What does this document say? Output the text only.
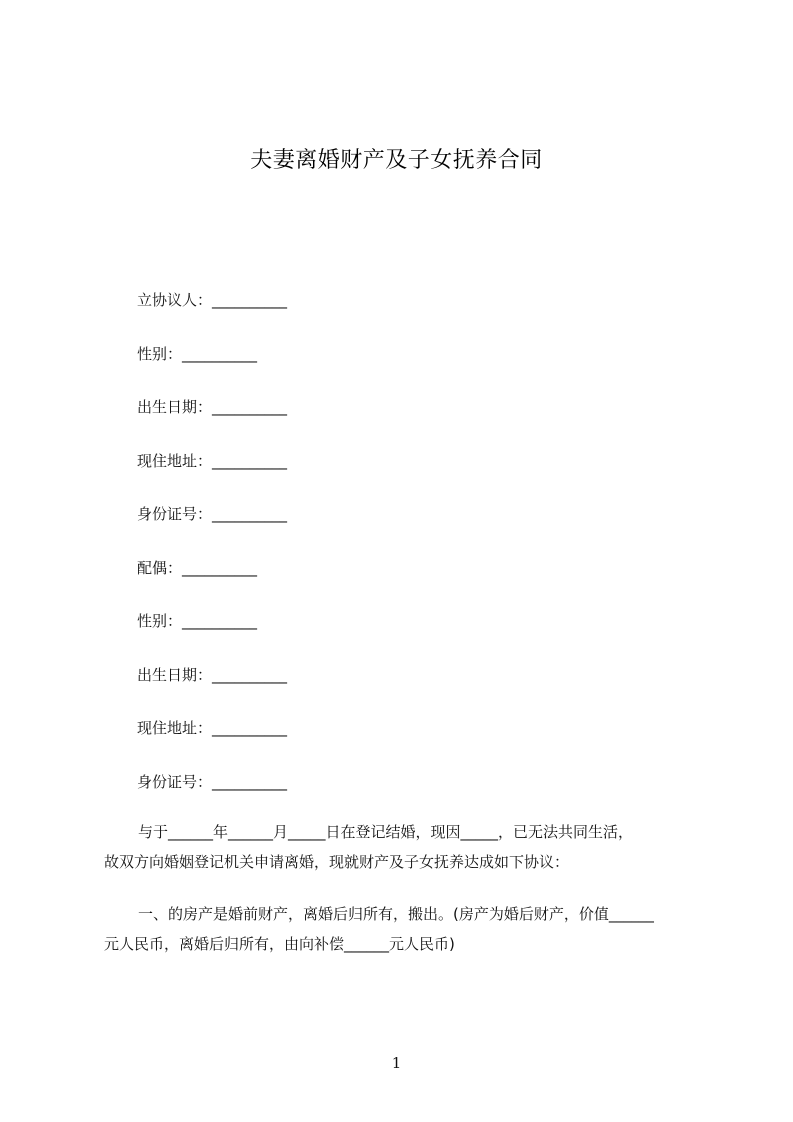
夫妻离婚财产及子女抚养合同
立协议人：__________
性别：__________
出生日期：__________
现住地址：__________
身份证号：__________
配偶：__________
性别：__________
出生日期：__________
现住地址：__________
身份证号：__________

与于______年______月_____日在登记结婚，现因_____，已无法共同生活，
故双方向婚姻登记机关申请离婚，现就财产及子女抚养达成如下协议：

一、的房产是婚前财产，离婚后归所有，搬出。(房产为婚后财产，价值______
元人民币，离婚后归所有，由向补偿______元人民币)

1
